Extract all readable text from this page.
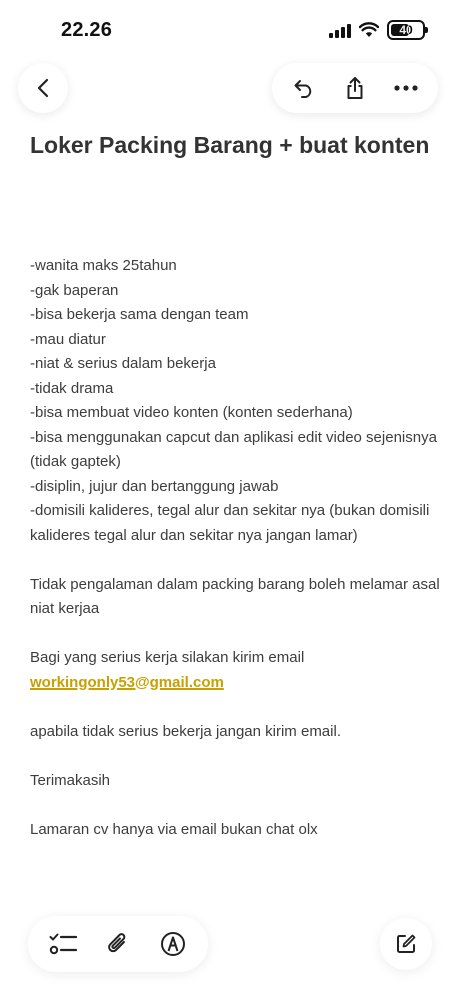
22.26	40
Loker Packing Barang + buat konten

-wanita maks 25tahun

-gak baperan

-bisa bekerja sama dengan team

-mau diatur

-niat & serius dalam bekerja

-tidak drama

-bisa membuat video konten (konten sederhana)

-bisa menggunakan capcut dan aplikasi edit video sejenisnya (tidak gaptek)

-disiplin, jujur dan bertanggung jawab

-domisili kalideres, tegal alur dan sekitar nya (bukan domisili kalideres tegal alur dan sekitar nya jangan lamar)

Tidak pengalaman dalam packing barang boleh melamar asal niat kerjaa

Bagi yang serius kerja silakan kirim email

workingonly53@gmail.com

apabila tidak serius bekerja jangan kirim email.

Terimakasih

Lamaran cv hanya via email bukan chat olx
